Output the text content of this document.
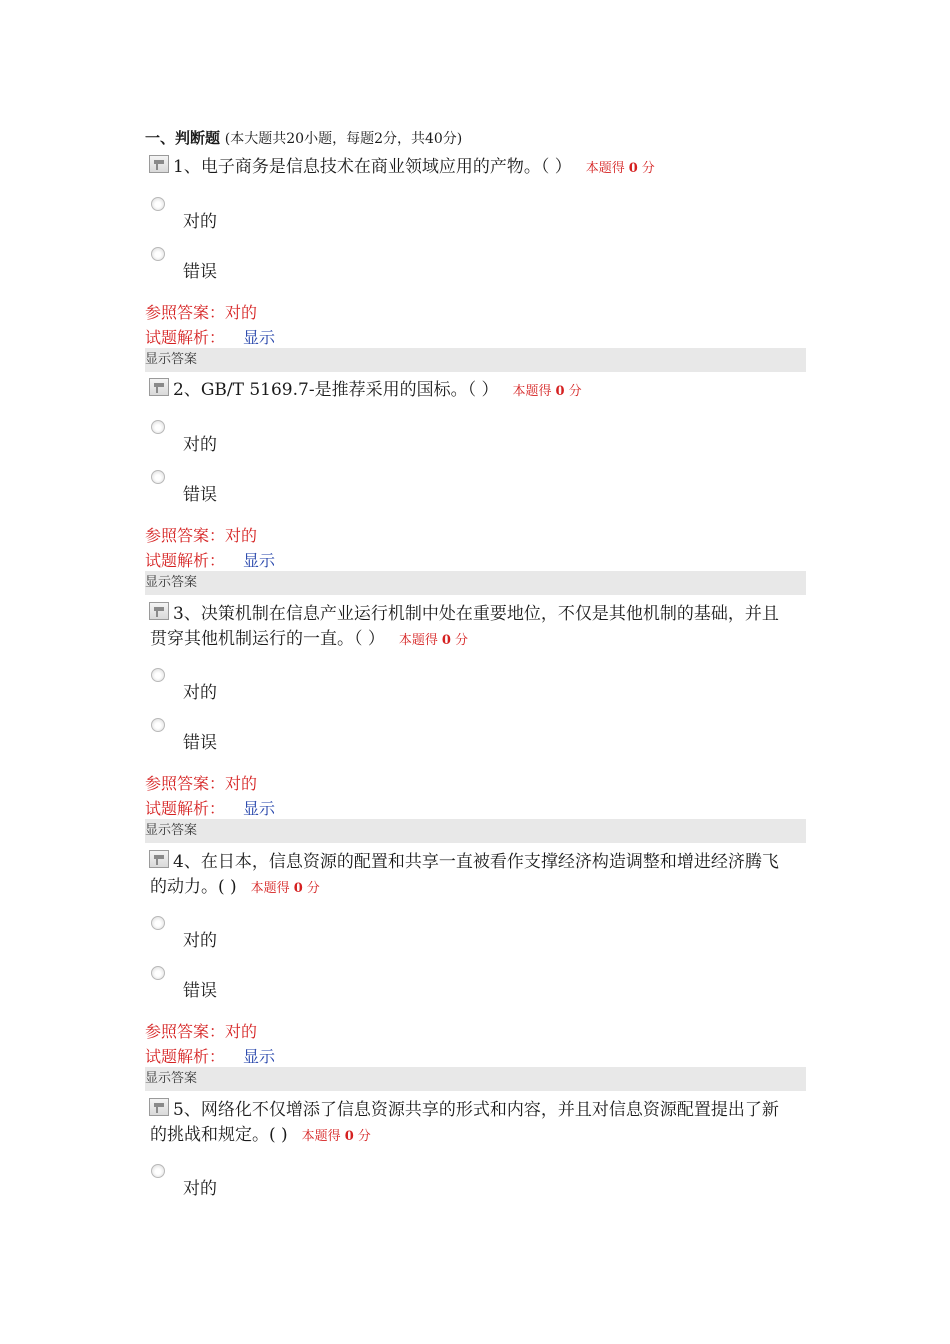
一、判断题 (本大题共20小题，每题2分，共40分)
1、电子商务是信息技术在商业领域应用的产物。（ ） 本题得 0 分
对的
错误
参照答案：对的
试题解析： 显示
显示答案
2、GB/T 5169.7-是推荐采用的国标。（ ） 本题得 0 分
对的
错误
参照答案：对的
试题解析： 显示
显示答案
3、决策机制在信息产业运行机制中处在重要地位，不仅是其他机制的基础，并且贯穿其他机制运行的一直。（ ） 本题得 0 分
对的
错误
参照答案：对的
试题解析： 显示
显示答案
4、在日本，信息资源的配置和共享一直被看作支撑经济构造调整和增进经济腾飞的动力。( ) 本题得 0 分
对的
错误
参照答案：对的
试题解析： 显示
显示答案
5、网络化不仅增添了信息资源共享的形式和内容，并且对信息资源配置提出了新的挑战和规定。( ) 本题得 0 分
对的
